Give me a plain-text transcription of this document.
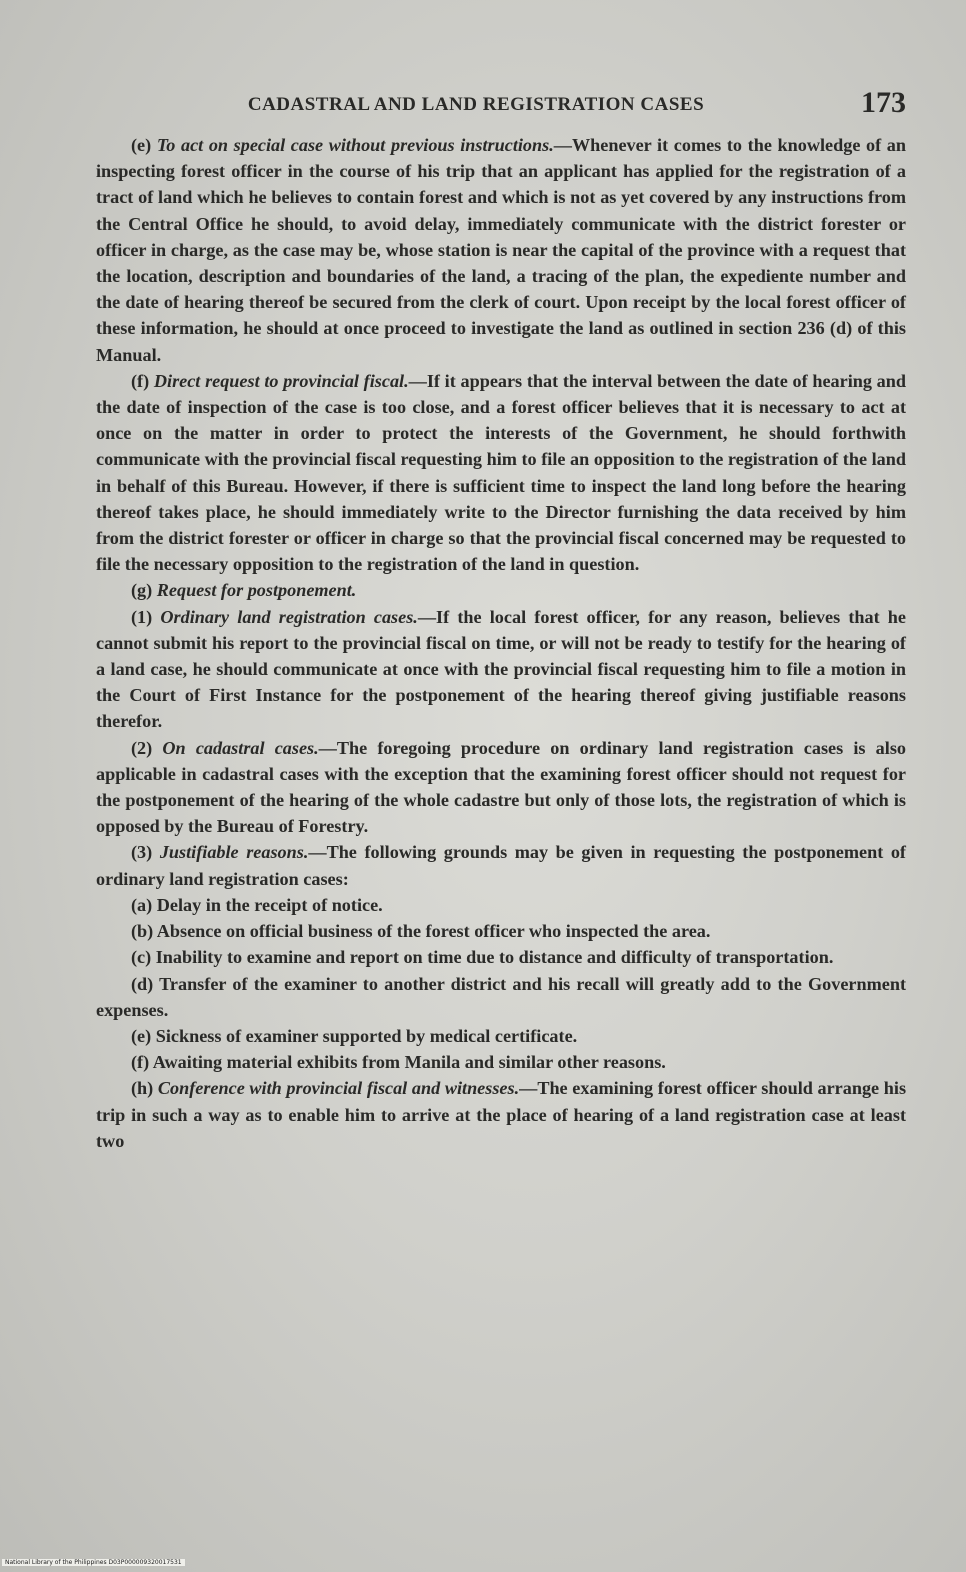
CADASTRAL AND LAND REGISTRATION CASES	173

(e) To act on special case without previous instructions.—Whenever it comes to the knowledge of an inspecting forest officer in the course of his trip that an applicant has applied for the registration of a tract of land which he believes to contain forest and which is not as yet covered by any instructions from the Central Office he should, to avoid delay, immediately communicate with the district forester or officer in charge, as the case may be, whose station is near the capital of the province with a request that the location, description and boundaries of the land, a tracing of the plan, the expediente number and the date of hearing thereof be secured from the clerk of court. Upon receipt by the local forest officer of these information, he should at once proceed to investigate the land as outlined in section 236 (d) of this Manual.

(f) Direct request to provincial fiscal.—If it appears that the interval between the date of hearing and the date of inspection of the case is too close, and a forest officer believes that it is necessary to act at once on the matter in order to protect the interests of the Government, he should forthwith communicate with the provincial fiscal requesting him to file an opposition to the registration of the land in behalf of this Bureau. However, if there is sufficient time to inspect the land long before the hearing thereof takes place, he should immediately write to the Director furnishing the data received by him from the district forester or officer in charge so that the provincial fiscal concerned may be requested to file the necessary opposition to the registration of the land in question.

(g) Request for postponement.

(1) Ordinary land registration cases.—If the local forest officer, for any reason, believes that he cannot submit his report to the provincial fiscal on time, or will not be ready to testify for the hearing of a land case, he should communicate at once with the provincial fiscal requesting him to file a motion in the Court of First Instance for the postponement of the hearing thereof giving justifiable reasons therefor.

(2) On cadastral cases.—The foregoing procedure on ordinary land registration cases is also applicable in cadastral cases with the exception that the examining forest officer should not request for the postponement of the hearing of the whole cadastre but only of those lots, the registration of which is opposed by the Bureau of Forestry.

(3) Justifiable reasons.—The following grounds may be given in requesting the postponement of ordinary land registration cases:

(a) Delay in the receipt of notice.

(b) Absence on official business of the forest officer who inspected the area.

(c) Inability to examine and report on time due to distance and difficulty of transportation.

(d) Transfer of the examiner to another district and his recall will greatly add to the Government expenses.

(e) Sickness of examiner supported by medical certificate.

(f) Awaiting material exhibits from Manila and similar other reasons.

(h) Conference with provincial fiscal and witnesses.—The examining forest officer should arrange his trip in such a way as to enable him to arrive at the place of hearing of a land registration case at least two

National Library of the Philippines D03P000009320017531
